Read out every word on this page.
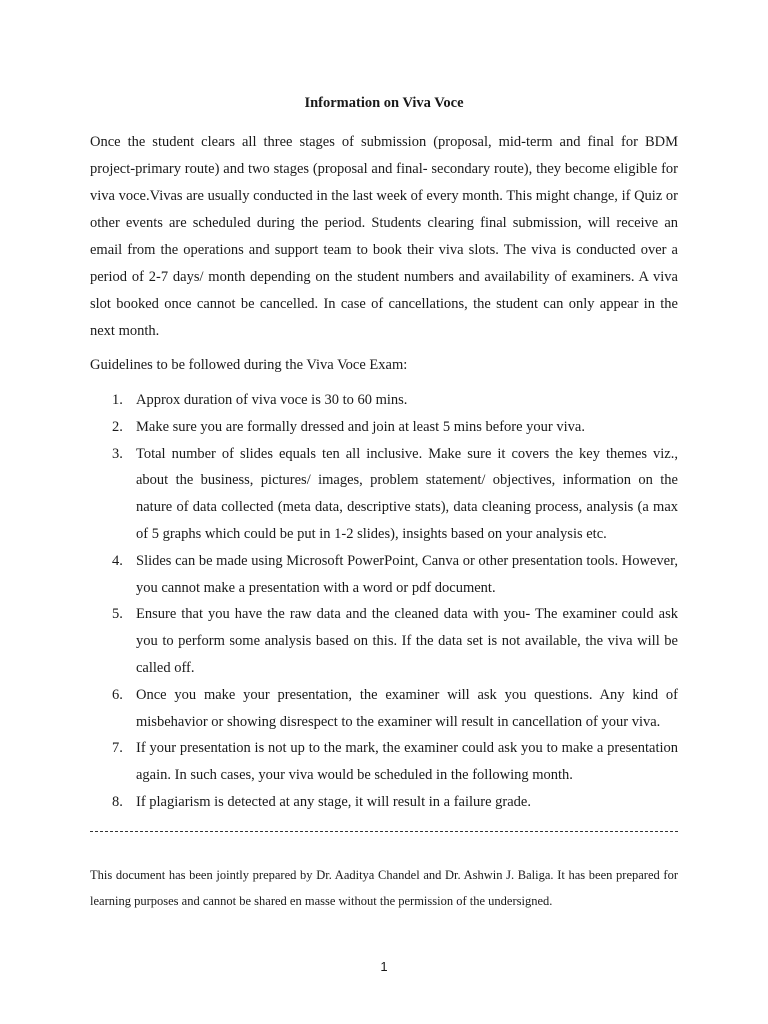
Information on Viva Voce

Once the student clears all three stages of submission (proposal, mid-term and final for BDM project-primary route) and two stages (proposal and final- secondary route), they become eligible for viva voce.Vivas are usually conducted in the last week of every month. This might change, if Quiz or other events are scheduled during the period. Students clearing final submission, will receive an email from the operations and support team to book their viva slots. The viva is conducted over a period of 2-7 days/ month depending on the student numbers and availability of examiners. A viva slot booked once cannot be cancelled. In case of cancellations, the student can only appear in the next month.

Guidelines to be followed during the Viva Voce Exam:

1. Approx duration of viva voce is 30 to 60 mins.
2. Make sure you are formally dressed and join at least 5 mins before your viva.
3. Total number of slides equals ten all inclusive. Make sure it covers the key themes viz., about the business, pictures/ images, problem statement/ objectives, information on the nature of data collected (meta data, descriptive stats), data cleaning process, analysis (a max of 5 graphs which could be put in 1-2 slides), insights based on your analysis etc.
4. Slides can be made using Microsoft PowerPoint, Canva or other presentation tools. However, you cannot make a presentation with a word or pdf document.
5. Ensure that you have the raw data and the cleaned data with you- The examiner could ask you to perform some analysis based on this. If the data set is not available, the viva will be called off.
6. Once you make your presentation, the examiner will ask you questions. Any kind of misbehavior or showing disrespect to the examiner will result in cancellation of your viva.
7. If your presentation is not up to the mark, the examiner could ask you to make a presentation again. In such cases, your viva would be scheduled in the following month.
8. If plagiarism is detected at any stage, it will result in a failure grade.

This document has been jointly prepared by Dr. Aaditya Chandel and Dr. Ashwin J. Baliga. It has been prepared for learning purposes and cannot be shared en masse without the permission of the undersigned.

1
